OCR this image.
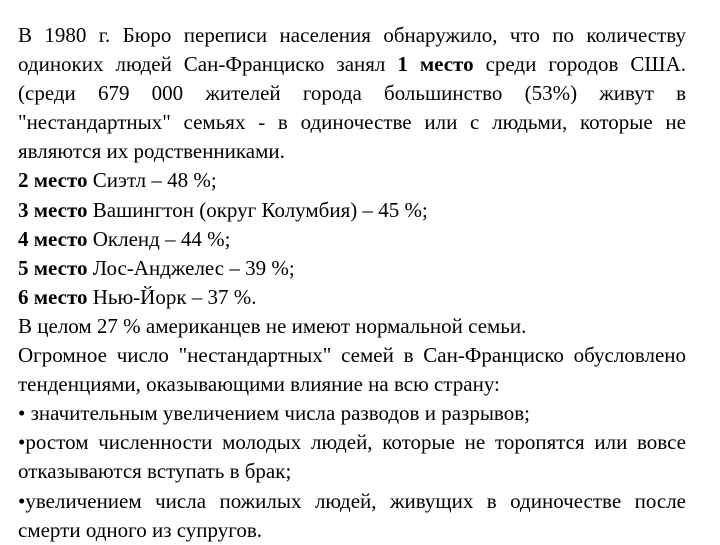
В 1980 г. Бюро переписи населения обнаружило, что по количеству одиноких людей Сан-Франциско занял 1 место среди городов США. (среди 679 000 жителей города большинство (53%) живут в "нестандартных" семьях - в одиночестве или с людьми, которые не являются их родственниками.

2 место Сиэтл – 48 %;

3 место Вашингтон (округ Колумбия) – 45 %;

4 место Окленд – 44 %;

5 место Лос-Анджелес – 39 %;

6 место Нью-Йорк – 37 %.

В целом 27 % американцев не имеют нормальной семьи.

Огромное число "нестандартных" семей в Сан-Франциско обусловлено тенденциями, оказывающими влияние на всю страну:

• значительным увеличением числа разводов и разрывов;

•ростом численности молодых людей, которые не торопятся или вовсе отказываются вступать в брак;

•увеличением числа пожилых людей, живущих в одиночестве после смерти одного из супругов.
